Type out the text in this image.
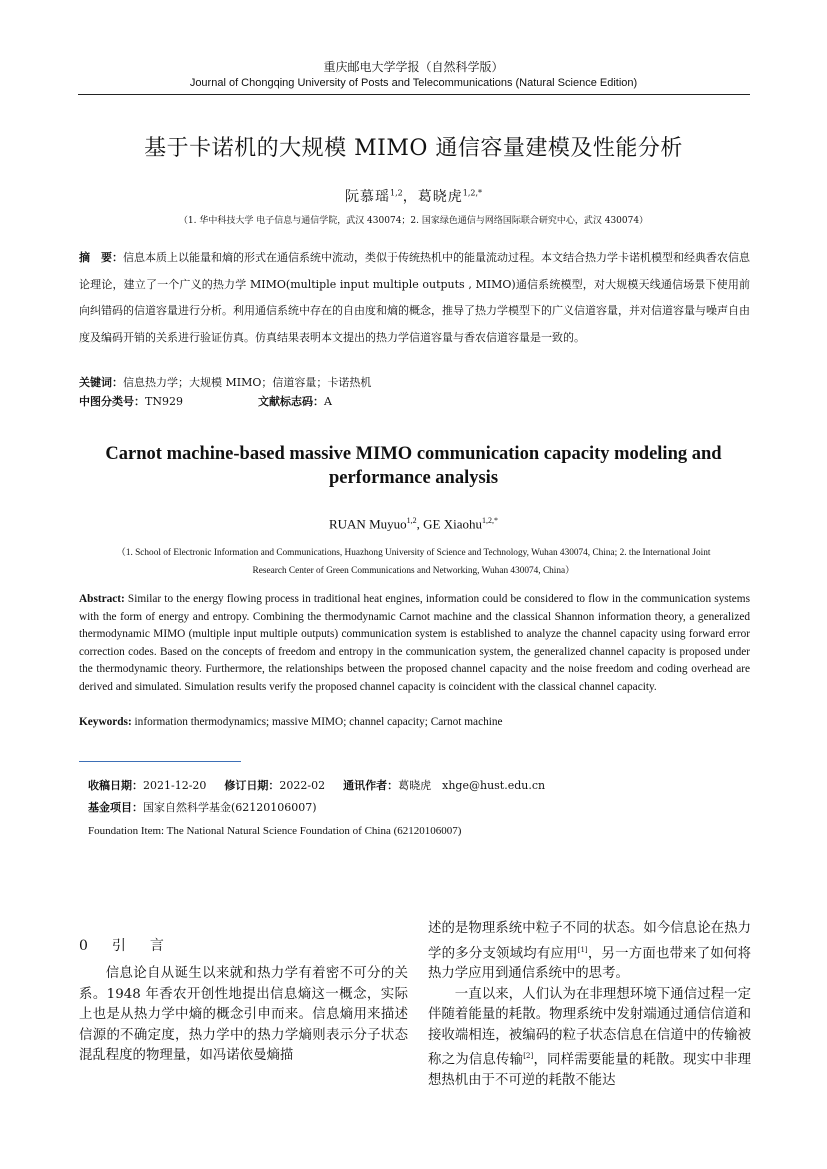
重庆邮电大学学报（自然科学版）
Journal of Chongqing University of Posts and Telecommunications (Natural Science Edition)
基于卡诺机的大规模 MIMO 通信容量建模及性能分析
阮慕瑶$^{1,2}$，葛晓虎$^{1,2,*}$
（1. 华中科技大学 电子信息与通信学院，武汉 430074；2. 国家绿色通信与网络国际联合研究中心，武汉 430074）
摘　要：信息本质上以能量和熵的形式在通信系统中流动，类似于传统热机中的能量流动过程。本文结合热力学卡诺机模型和经典香农信息论理论，建立了一个广义的热力学 MIMO(multiple input multiple outputs , MIMO)通信系统模型，对大规模天线通信场景下使用前向纠错码的信道容量进行分析。利用通信系统中存在的自由度和熵的概念，推导了热力学模型下的广义信道容量，并对信道容量与噪声自由度及编码开销的关系进行验证仿真。仿真结果表明本文提出的热力学信道容量与香农信道容量是一致的。
关键词：信息热力学；大规模 MIMO；信道容量；卡诺热机
中图分类号：TN929	文献标志码：A
Carnot machine-based massive MIMO communication capacity modeling and performance analysis
RUAN Muyuo$^{1,2}$, GE Xiaohu$^{1,2,*}$
（1. School of Electronic Information and Communications, Huazhong University of Science and Technology, Wuhan 430074, China; 2. the International Joint Research Center of Green Communications and Networking, Wuhan 430074, China）
Abstract: Similar to the energy flowing process in traditional heat engines, information could be considered to flow in the communication systems with the form of energy and entropy. Combining the thermodynamic Carnot machine and the classical Shannon information theory, a generalized thermodynamic MIMO (multiple input multiple outputs) communication system is established to analyze the channel capacity using forward error correction codes. Based on the concepts of freedom and entropy in the communication system, the generalized channel capacity is proposed under the thermodynamic theory. Furthermore, the relationships between the proposed channel capacity and the noise freedom and coding overhead are derived and simulated. Simulation results verify the proposed channel capacity is coincident with the classical channel capacity.
Keywords: information thermodynamics; massive MIMO; channel capacity; Carnot machine
收稿日期：2021-12-20 修订日期：2022-02 通讯作者：葛晓虎　xhge@hust.edu.cn
基金项目：国家自然科学基金(62120106007)
Foundation Item: The National Natural Science Foundation of China (62120106007)
0　引　言

信息论自从诞生以来就和热力学有着密不可分的关系。1948 年香农开创性地提出信息熵这一概念，实际上也是从热力学中熵的概念引申而来。信息熵用来描述信源的不确定度，热力学中的热力学熵则表示分子状态混乱程度的物理量，如冯诺依曼熵描

述的是物理系统中粒子不同的状态。如今信息论在热力学的多分支领域均有应用[1]，另一方面也带来了如何将热力学应用到通信系统中的思考。

一直以来，人们认为在非理想环境下通信过程一定伴随着能量的耗散。物理系统中发射端通过通信信道和接收端相连，被编码的粒子状态信息在信道中的传输被称之为信息传输[2]，同样需要能量的耗散。现实中非理想热机由于不可逆的耗散不能达
